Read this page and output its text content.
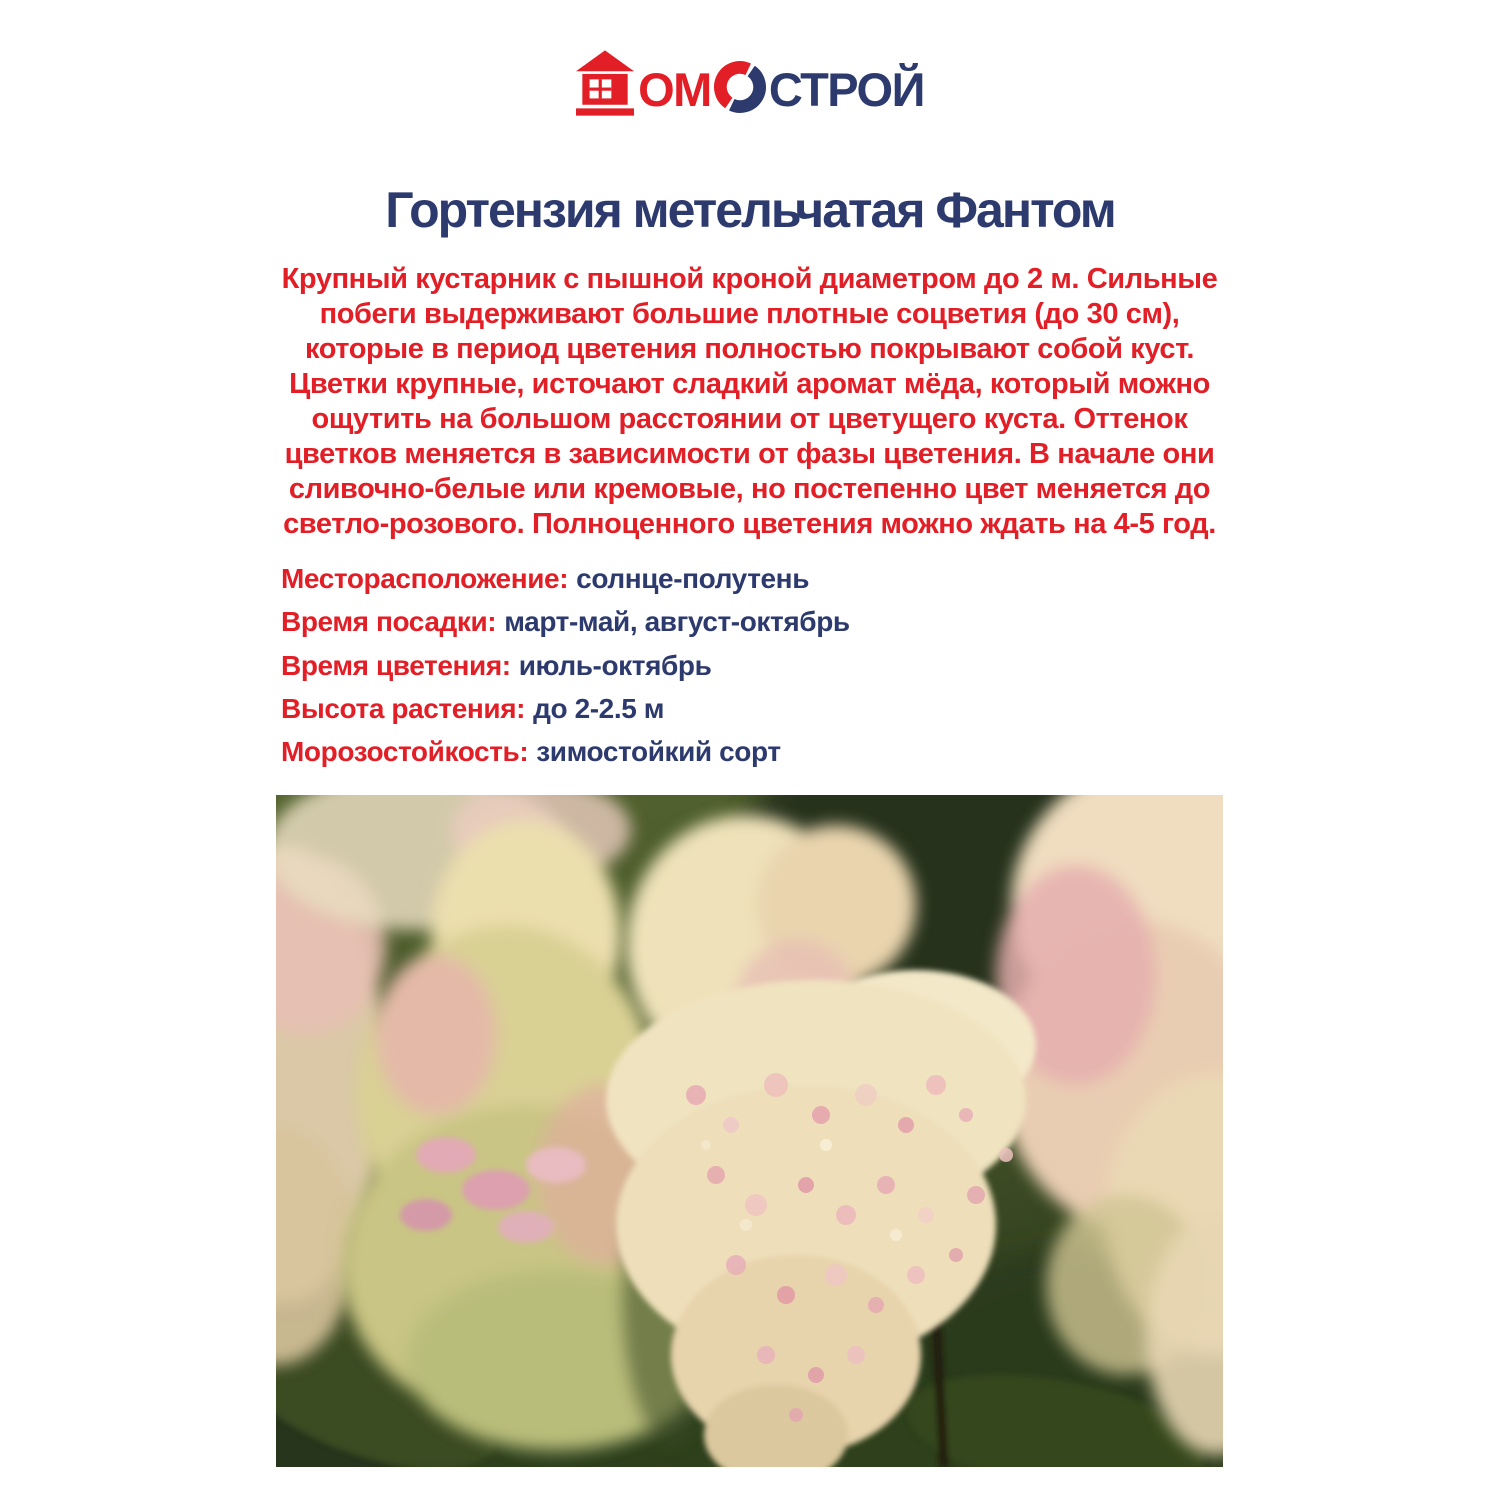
ОМ СТРОЙ
Гортензия метельчатая Фантом

Крупный кустарник с пышной кроной диаметром до 2 м. Сильные побеги выдерживают большие плотные соцветия (до 30 см), которые в период цветения полностью покрывают собой куст. Цветки крупные, источают сладкий аромат мёда, который можно ощутить на большом расстоянии от цветущего куста. Оттенок цветков меняется в зависимости от фазы цветения. В начале они сливочно-белые или кремовые, но постепенно цвет меняется до светло-розового. Полноценного цветения можно ждать на 4-5 год.

Месторасположение: солнце-полутень
Время посадки: март-май, август-октябрь
Время цветения: июль-октябрь
Высота растения: до 2-2.5 м
Морозостойкость: зимостойкий сорт
